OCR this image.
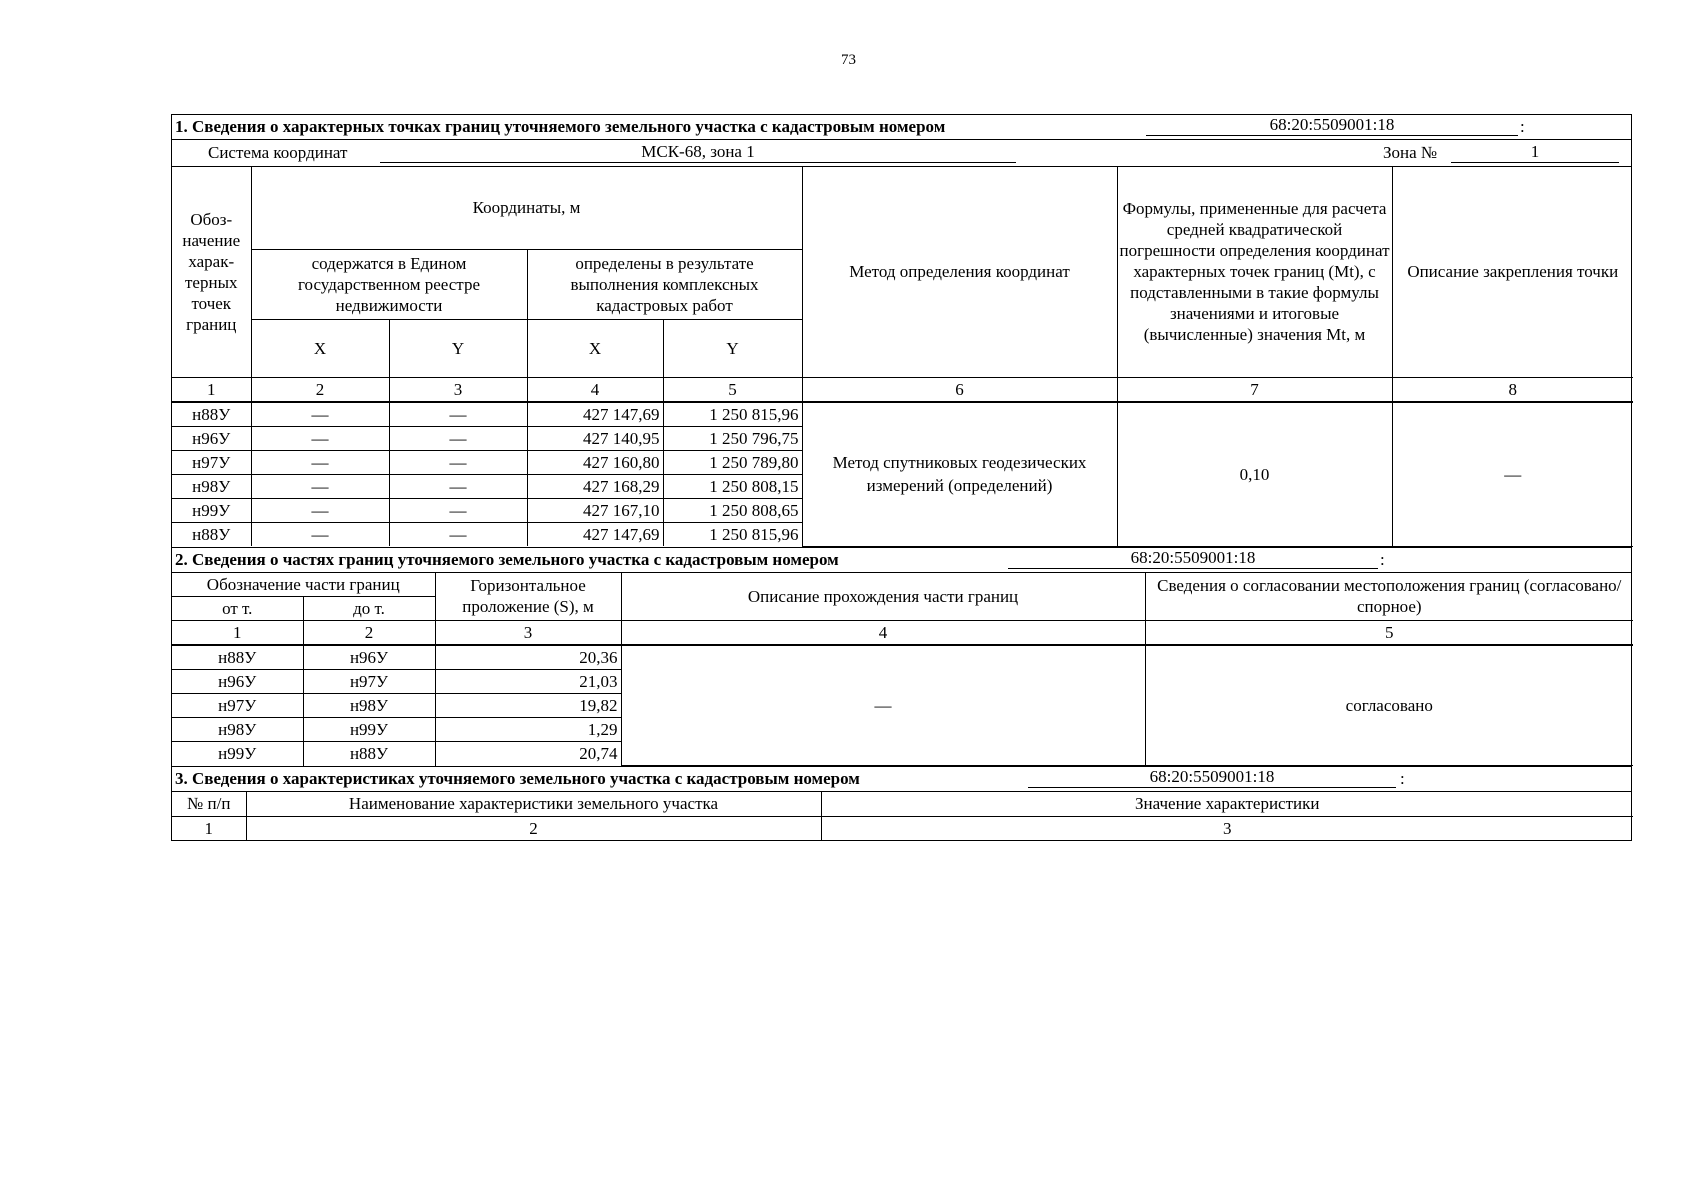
73
1. Сведения о характерных точках границ уточняемого земельного участка с кадастровым номером	68:20:5509001:18	:
Система координат	МСК-68, зона 1	Зона №	1
Обоз-начение харак-терных точек границ	Координаты, м				Метод определения координат	Формулы, примененные для расчета средней квадратической погрешности определения координат характерных точек границ (Mt), с подставленными в такие формулы значениями и итоговые (вычисленные) значения Mt, м	Описание закрепления точки
	содержатся в Едином государственном реестре недвижимости		определены в результате выполнения комплексных кадастровых работ				
	X	Y	X	Y			
1	2	3	4	5	6	7	8
н88У	—	—	427 147,69	1 250 815,96	Метод спутниковых геодезических измерений (определений)	0,10	—
н96У	—	—	427 140,95	1 250 796,75			
н97У	—	—	427 160,80	1 250 789,80			
н98У	—	—	427 168,29	1 250 808,15			
н99У	—	—	427 167,10	1 250 808,65			
н88У	—	—	427 147,69	1 250 815,96			
2. Сведения о частях границ уточняемого земельного участка с кадастровым номером	68:20:5509001:18	:
Обозначение части границ		Горизонтальное проложение (S), м	Описание прохождения части границ	Сведения о согласовании местоположения границ (согласовано/спорное)
от т.	до т.			
1	2	3	4	5
н88У	н96У	20,36	—	согласовано
н96У	н97У	21,03		
н97У	н98У	19,82		
н98У	н99У	1,29		
н99У	н88У	20,74		
3. Сведения о характеристиках уточняемого земельного участка с кадастровым номером	68:20:5509001:18	:
№ п/п	Наименование характеристики земельного участка	Значение характеристики
1	2	3
